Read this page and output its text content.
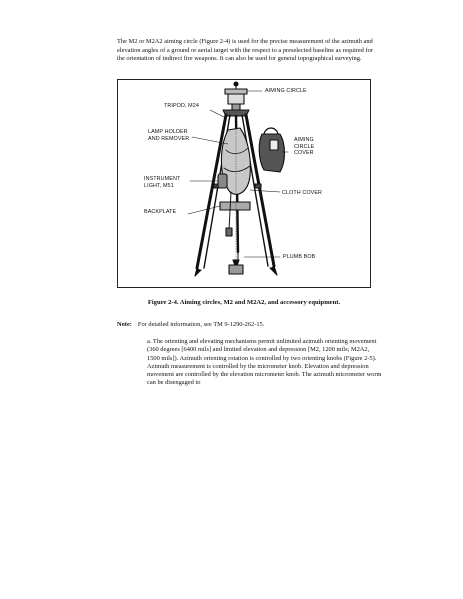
The M2 or M2A2 aiming circle (Figure 2-4) is used for the precise measurement of the azimuth and elevation angles of a ground or aerial target with the respect to a preselected baseline as required for the orientation of indirect fire weapons. It can also be used for general topographical surveying.
AIMING CIRCLE
TRIPOD, M24
LAMP HOLDER
AND REMOVER	AIMING
CIRCLE
COVER
INSTRUMENT
LIGHT, M51
CLOTH COVER
BACKPLATE
PLUMB BOB
Figure 2-4. Aiming circles, M2 and M2A2, and accessory equipment.
Note: For detailed information, see TM 9-1290-262-15.
a. The orienting and elevating mechanisms permit unlimited azimuth orienting movement (360 degrees [6400 mils] and limited elevation and depression [M2, 1200 mils; M2A2, 1500 mils]). Azimuth orienting rotation is controlled by two orienting knobs (Figure 2-5). Azimuth measurement is controlled by the micrometer knob. Elevation and depression movement are controlled by the elevation micrometer knob. The azimuth micrometer worm can be disengaged to
